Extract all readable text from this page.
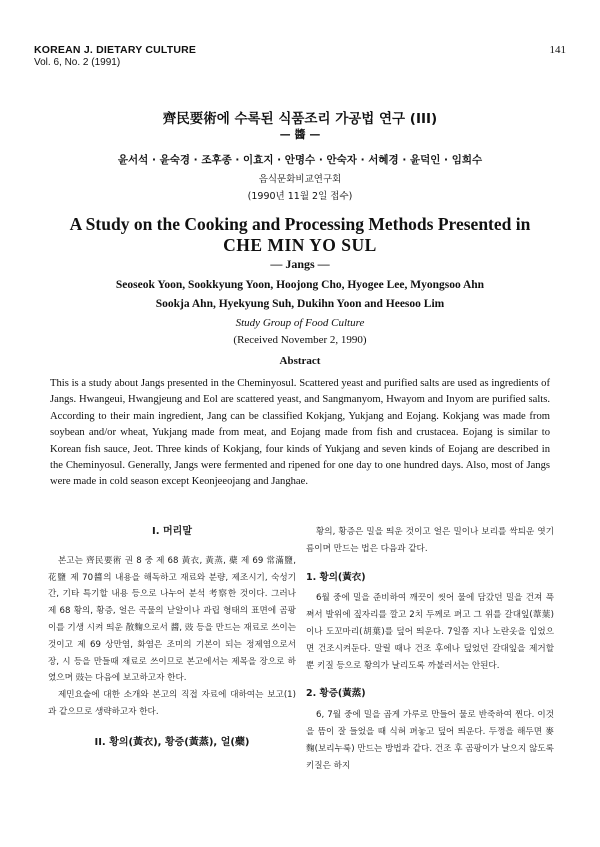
KOREAN J. DIETARY CULTURE
Vol. 6, No. 2 (1991)
141
齊民要術에 수록된 식품조리 가공법 연구 (III)
— 醬 —
윤서석 · 윤숙경 · 조후종 · 이효지 · 안명수 · 안숙자 · 서혜경 · 윤덕인 · 임희수
음식문화비교연구회
(1990년 11월 2일 접수)
A Study on the Cooking and Processing Methods Presented in
CHE MIN YO SUL
— Jangs —
Seoseok Yoon, Sookkyung Yoon, Hoojong Cho, Hyogee Lee, Myongsoo Ahn
Sookja Ahn, Hyekyung Suh, Dukihn Yoon and Heesoo Lim
Study Group of Food Culture
(Received November 2, 1990)
Abstract

This is a study about Jangs presented in the Cheminyosul. Scattered yeast and purified salts are used as ingredients of Jangs. Hwangeui, Hwangjeung and Eol are scattered yeast, and Sangmanyom, Hwayom and Inyom are purified salts. According to their main ingredient, Jang can be classified Kokjang, Yukjang and Eojang. Kokjang was made from soybean and/or wheat, Yukjang made from meat, and Eojang made from fish and crustacea. Eojang is similar to Korean fish sauce, Jeot. Three kinds of Kokjang, four kinds of Yukjang and seven kinds of Eojang are described in the Cheminyosul. Generally, Jangs were fermented and ripened for one day to one hundred days. Also, most of Jangs were made in cold season except Keonjeeojang and Janghae.

I. 머리말

본고는 齊民要術 권 8 중 제 68 黃衣, 黃蒸, 蘗 제 69 常滿鹽, 花鹽 제 70醬의 내용을 해독하고 재료와 분량, 제조시기, 숙성기간, 기타 특기할 내용 등으로 나누어 분석 考察한 것이다. 그러나 제 68 황의, 황증, 얼은 곡물의 낟알이나 과립 형태의 표면에 곰팡이를 기생 시켜 띄운 散麴으로서 醬, 豉 등을 만드는 재료로 쓰이는 것이고 제 69 상만염, 화염은 조미의 기본이 되는 정제염으로서 장, 시 등을 만들때 재료로 쓰이므로 본고에서는 제목을 장으로 하였으며 豉는 다음에 보고하고자 한다.

제민요술에 대한 소개와 본고의 직접 자료에 대하여는 보고(1)과 같으므로 생략하고자 한다.

II. 황의(黃衣), 황증(黃蒸), 얼(蘗)

황의, 황증은 밀을 띄운 것이고 얼은 밀이나 보리를 싹틔운 엿기름이며 만드는 법은 다음과 같다.

1. 황의(黃衣)

6월 중에 밀을 준비하여 깨끗이 씻어 물에 담갔던 밀을 건져 푹 쪄서 발위에 짚자리를 깔고 2치 두께로 펴고 그 위를 갈대잎(葦葉)이나 도꼬마리(胡葉)를 덮어 띄운다. 7일쯤 지나 노란옷을 입었으면 건조시켜둔다. 말릴 때나 건조 후에나 덮었던 갈대잎을 제거할 뿐 키질 등으로 황의가 날리도록 까불러서는 안된다.

2. 황증(黃蒸)

6, 7월 중에 밀을 곱게 가루로 만들어 물로 반죽하여 찐다. 이것을 뜸이 잘 들었을 때 식혀 펴놓고 덮어 띄운다. 두껑을 해두면 麥麴(보리누룩) 만드는 방법과 같다. 건조 후 곰팡이가 날으지 않도록 키질은 하지
